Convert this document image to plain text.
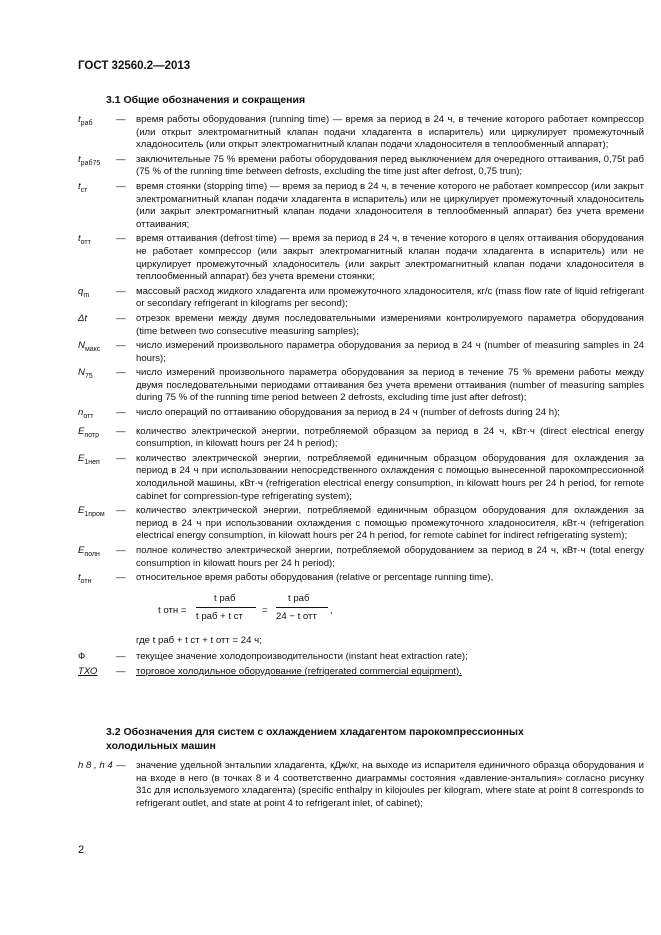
ГОСТ 32560.2—2013
3.1 Общие обозначения и сокращения
$t_{раб}$	—	время работы оборудования (running time) — время за период в 24 ч, в течение которого работает компрессор (или открыт электромагнитный клапан подачи хладагента в испаритель) или циркулирует промежуточный хладоноситель (или открыт электромагнитный клапан подачи хладоносителя в теплообменный аппарат);
$t_{раб75}$	—	заключительные 75 % времени работы оборудования перед выключением для очередного оттаивания, 0,75t раб (75 % of the running time between defrosts, excluding the time just after defrost, 0,75 trun);
$t_{ст}$	—	время стоянки (stopping time) — время за период в 24 ч, в течение которого не работает компрессор (или закрыт электромагнитный клапан подачи хладагента в испаритель) или не циркулирует промежуточный хладоноситель (или закрыт электромагнитный клапан подачи хладоносителя в теплообменный аппарат) без учета времени оттаивания;
$t_{отт}$	—	время оттаивания (defrost time) — время за период в 24 ч, в течение которого в целях оттаивания оборудования не работает компрессор (или закрыт электромагнитный клапан подачи хладагента в испаритель) или не циркулирует промежуточный хладоноситель (или закрыт электромагнитный клапан подачи хладоносителя в теплообменный аппарат) без учета времени стоянки;
$q_m$	—	массовый расход жидкого хладагента или промежуточного хладоносителя, кг/с (mass flow rate of liquid refrigerant or secondary refrigerant in kilograms per second);
Δt	—	отрезок времени между двумя последовательными измерениями контролируемого параметра оборудования (time between two consecutive measuring samples);
$N_{макс}$	—	число измерений произвольного параметра оборудования за период в 24 ч (number of measuring samples in 24 hours);
$N_{75}$	—	число измерений произвольного параметра оборудования за период в течение 75 % времени работы между двумя последовательными периодами оттаивания без учета времени оттаивания (number of measuring samples during 75 % of the running time period between 2 defrosts, excluding time just after defrost);
$n_{отт}$	—	число операций по оттаиванию оборудования за период в 24 ч (number of defrosts during 24 h);
$E_{потр}$	—	количество электрической энергии, потребляемой образцом за период в 24 ч, кВт·ч (direct electrical energy consumption, in kilowatt hours per 24 h period);
$E_{1неп}$	—	количество электрической энергии, потребляемой единичным образцом оборудования для охлаждения за период в 24 ч при использовании непосредственного охлаждения с помощью вынесенной парокомпрессионной холодильной машины, кВт·ч (refrigeration electrical energy consumption, in kilowatt hours per 24 h period, for remote cabinet for compression-type refrigerating system);
$E_{1пром}$	—	количество электрической энергии, потребляемой единичным образцом оборудования для охлаждения за период в 24 ч при использовании охлаждения с помощью промежуточного хладоносителя, кВт·ч (refrigeration electrical energy consumption, in kilowatt hours per 24 h period, for remote cabinet for indirect refrigerating system);
$E_{полн}$	—	полное количество электрической энергии, потребляемой оборудованием за период в 24 ч, кВт·ч (total energy consumption in kilowatt hours per 24 h period);
$t_{отн}$	—	относительное время работы оборудования (relative or percentage running time),
t отн =
t раб
t раб + t ст
=
t раб
24 − t отт
,
где t раб + t ст + t отт = 24 ч;
Ф	—	текущее значение холодопроизводительности (instant heat extraction rate);
ТХО	—	торговое холодильное оборудование (refrigerated commercial equipment).
3.2 Обозначения для систем с охлаждением хладагентом парокомпрессионных холодильных машин
h 8 , h 4 —	значение удельной энтальпии хладагента, кДж/кг, на выходе из испарителя единичного образца оборудования и на входе в него (в точках 8 и 4 соответственно диаграммы состояния «давление-энтальпия» согласно рисунку 31с для используемого хладагента) (specific enthalpy in kilojoules per kilogram, where state at point 8 corresponds to refrigerant outlet, and state at point 4 to refrigerant inlet, of cabinet);
2
